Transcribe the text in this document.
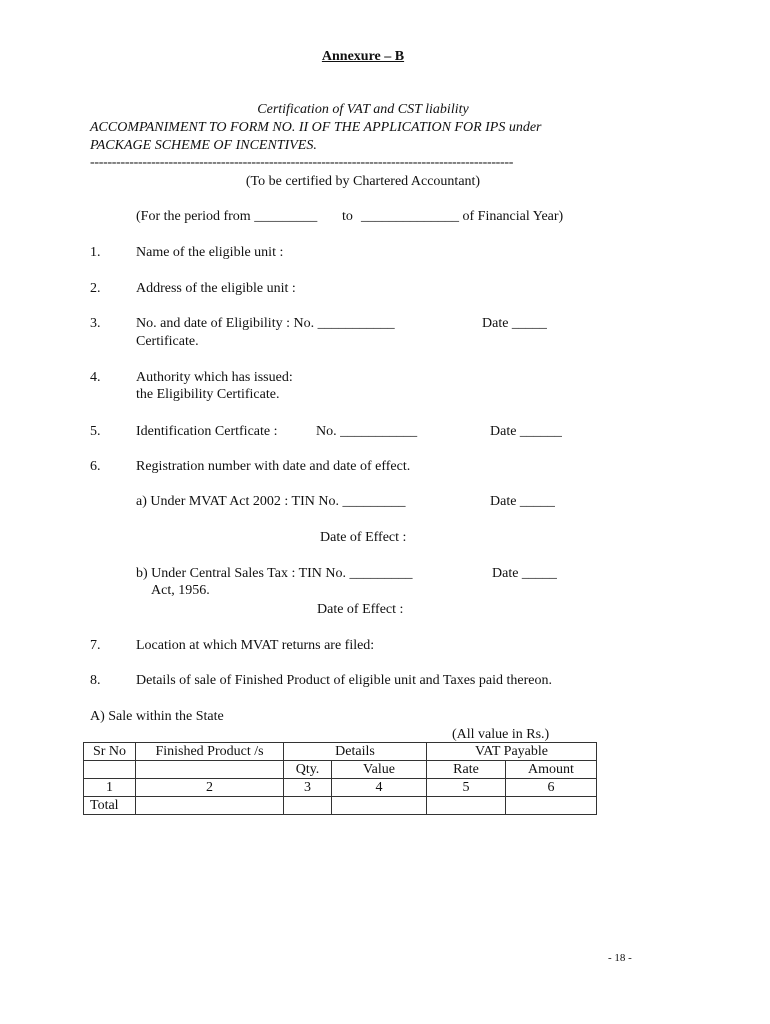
Annexure – B
Certification of VAT and CST liability
ACCOMPANIMENT TO FORM NO. II OF THE APPLICATION FOR IPS under
PACKAGE SCHEME OF INCENTIVES.
-------------------------------------------------------------------------------------------------
(To be certified by Chartered Accountant)
(For the period from _________ to ______________ of Financial Year)
1.	Name of the eligible unit :
2.	Address of the eligible unit :
3.	No. and date of Eligibility : No. ___________	Date _____
Certificate.
4.	Authority which has issued:
the Eligibility Certificate.
5.	Identification Certficate :	No. ___________	Date ______
6.	Registration number with date and date of effect.
a) Under MVAT Act 2002 : TIN No. _________	Date _____
Date of Effect :
b) Under Central Sales Tax : TIN No. _________	Date _____
Act, 1956.
Date of Effect :
7.	Location at which MVAT returns are filed:
8.	Details of sale of Finished Product of eligible unit and Taxes paid thereon.
A) Sale within the State
(All value in Rs.)
Sr No	Finished Product /s	Details		VAT Payable	
		Qty.	Value	Rate	Amount
1	2	3	4	5	6
Total					
- 18 -
